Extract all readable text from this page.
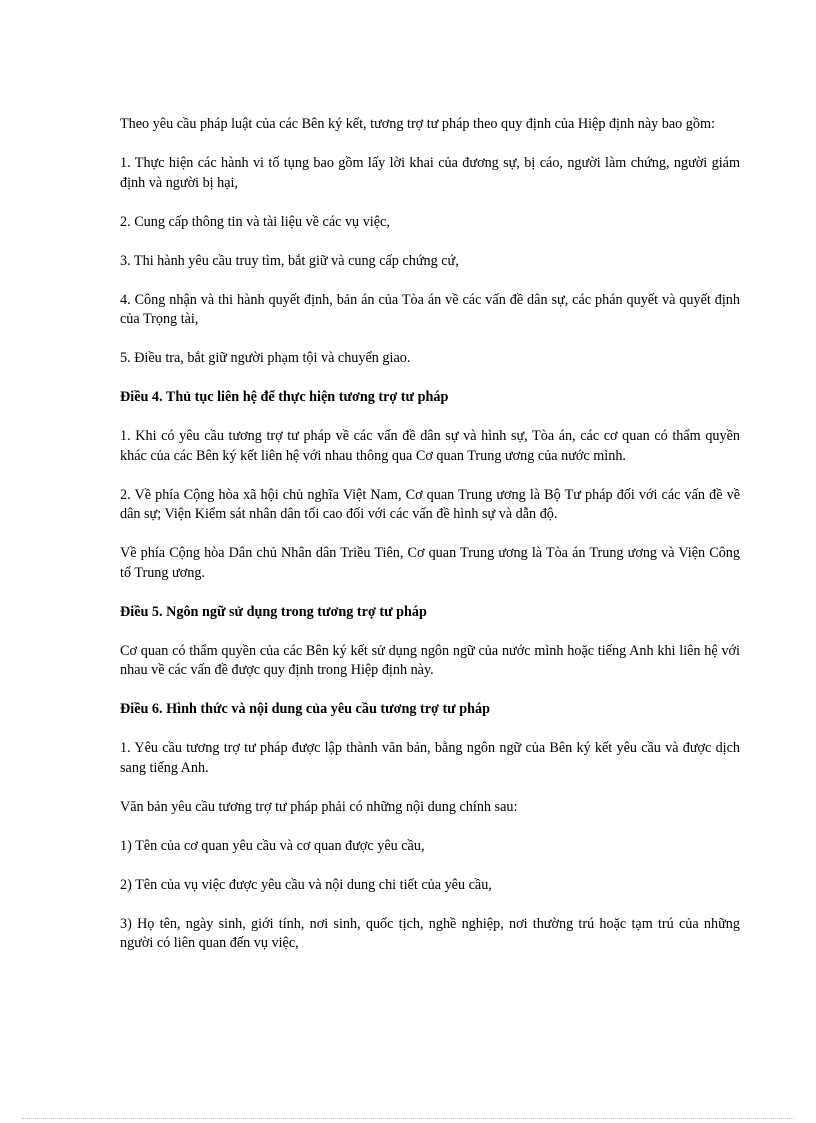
Theo yêu cầu pháp luật của các Bên ký kết, tương trợ tư pháp theo quy định của Hiệp định này bao gồm:

1. Thực hiện các hành vi tố tụng bao gồm lấy lời khai của đương sự, bị cáo, người làm chứng, người giám định và người bị hại,

2. Cung cấp thông tin và tài liệu về các vụ việc,

3. Thi hành yêu cầu truy tìm, bắt giữ và cung cấp chứng cứ,

4. Công nhận và thi hành quyết định, bản án của Tòa án về các vấn đề dân sự, các phán quyết và quyết định của Trọng tài,

5. Điều tra, bắt giữ người phạm tội và chuyển giao.

Điều 4. Thủ tục liên hệ để thực hiện tương trợ tư pháp

1. Khi có yêu cầu tương trợ tư pháp về các vấn đề dân sự và hình sự, Tòa án, các cơ quan có thẩm quyền khác của các Bên ký kết liên hệ với nhau thông qua Cơ quan Trung ương của nước mình.

2. Về phía Cộng hòa xã hội chủ nghĩa Việt Nam, Cơ quan Trung ương là Bộ Tư pháp đối với các vấn đề về dân sự; Viện Kiểm sát nhân dân tối cao đối với các vấn đề hình sự và dẫn độ.

Về phía Cộng hòa Dân chủ Nhân dân Triều Tiên, Cơ quan Trung ương là Tòa án Trung ương và Viện Công tố Trung ương.

Điều 5. Ngôn ngữ sử dụng trong tương trợ tư pháp

Cơ quan có thẩm quyền của các Bên ký kết sử dụng ngôn ngữ của nước mình hoặc tiếng Anh khi liên hệ với nhau về các vấn đề được quy định trong Hiệp định này.

Điều 6. Hình thức và nội dung của yêu cầu tương trợ tư pháp

1. Yêu cầu tương trợ tư pháp được lập thành văn bản, bằng ngôn ngữ của Bên ký kết yêu cầu và được dịch sang tiếng Anh.

Văn bản yêu cầu tương trợ tư pháp phải có những nội dung chính sau:

1) Tên của cơ quan yêu cầu và cơ quan được yêu cầu,

2) Tên của vụ việc được yêu cầu và nội dung chi tiết của yêu cầu,

3) Họ tên, ngày sinh, giới tính, nơi sinh, quốc tịch, nghề nghiệp, nơi thường trú hoặc tạm trú của những người có liên quan đến vụ việc,
